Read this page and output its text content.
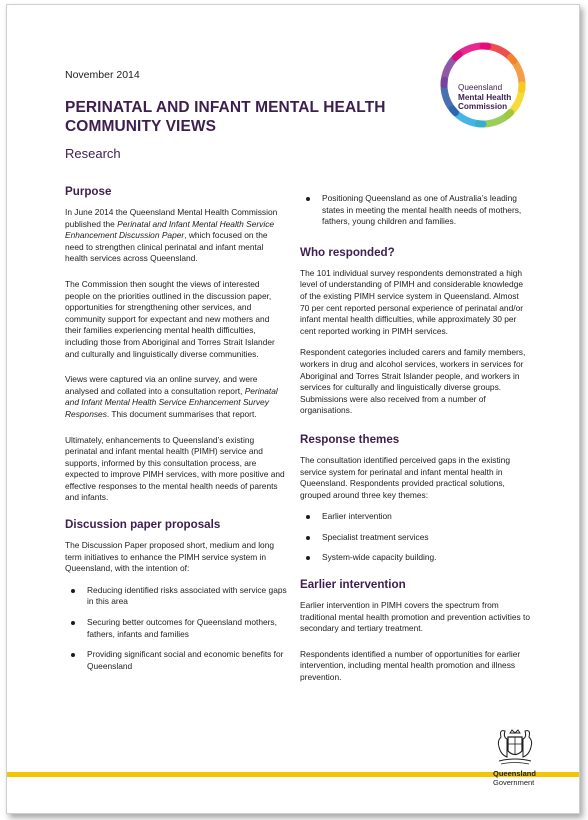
November 2014
PERINATAL AND INFANT MENTAL HEALTH COMMUNITY VIEWS
Research
Queensland
Mental Health
Commission
Purpose

In June 2014 the Queensland Mental Health Commission published the Perinatal and Infant Mental Health Service Enhancement Discussion Paper, which focused on the need to strengthen clinical perinatal and infant mental health services across Queensland.

The Commission then sought the views of interested people on the priorities outlined in the discussion paper, opportunities for strengthening other services, and community support for expectant and new mothers and their families experiencing mental health difficulties, including those from Aboriginal and Torres Strait Islander and culturally and linguistically diverse communities.

Views were captured via an online survey, and were analysed and collated into a consultation report, Perinatal and Infant Mental Health Service Enhancement Survey Responses. This document summarises that report.

Ultimately, enhancements to Queensland’s existing perinatal and infant mental health (PIMH) service and supports, informed by this consultation process, are expected to improve PIMH services, with more positive and effective responses to the mental health needs of parents and infants.

Discussion paper proposals

The Discussion Paper proposed short, medium and long term initiatives to enhance the PIMH service system in Queensland, with the intention of:

Reducing identified risks associated with service gaps in this area
Securing better outcomes for Queensland mothers, fathers, infants and families
Providing significant social and economic benefits for Queensland
Positioning Queensland as one of Australia’s leading states in meeting the mental health needs of mothers, fathers, young children and families.
Who responded?

The 101 individual survey respondents demonstrated a high level of understanding of PIMH and considerable knowledge of the existing PIMH service system in Queensland. Almost 70 per cent reported personal experience of perinatal and/or infant mental health difficulties, while approximately 30 per cent reported working in PIMH services.

Respondent categories included carers and family members, workers in drug and alcohol services, workers in services for Aboriginal and Torres Strait Islander people, and workers in services for culturally and linguistically diverse groups. Submissions were also received from a number of organisations.

Response themes

The consultation identified perceived gaps in the existing service system for perinatal and infant mental health in Queensland. Respondents provided practical solutions, grouped around three key themes:

Earlier intervention
Specialist treatment services
System-wide capacity building.
Earlier intervention

Earlier intervention in PIMH covers the spectrum from traditional mental health promotion and prevention activities to secondary and tertiary treatment.

Respondents identified a number of opportunities for earlier intervention, including mental health promotion and illness prevention.

Queensland
Government
